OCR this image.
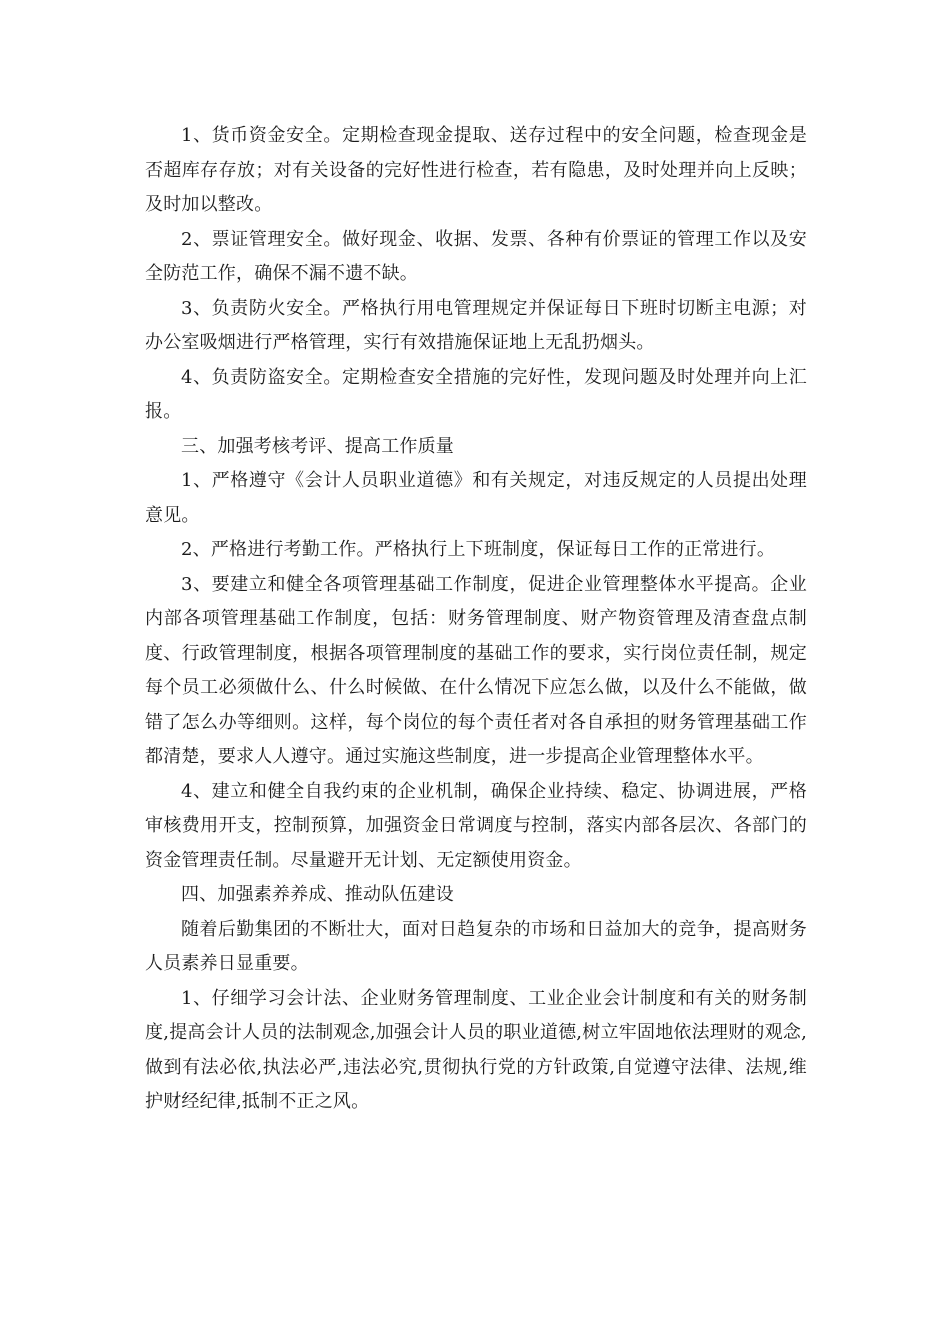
1、货币资金安全。定期检查现金提取、送存过程中的安全问题，检查现金是否超库存存放；对有关设备的完好性进行检查，若有隐患，及时处理并向上反映；及时加以整改。

2、票证管理安全。做好现金、收据、发票、各种有价票证的管理工作以及安全防范工作，确保不漏不遗不缺。

3、负责防火安全。严格执行用电管理规定并保证每日下班时切断主电源；对办公室吸烟进行严格管理，实行有效措施保证地上无乱扔烟头。

4、负责防盗安全。定期检查安全措施的完好性，发现问题及时处理并向上汇报。

三、加强考核考评、提高工作质量

1、严格遵守《会计人员职业道德》和有关规定，对违反规定的人员提出处理意见。

2、严格进行考勤工作。严格执行上下班制度，保证每日工作的正常进行。

3、要建立和健全各项管理基础工作制度，促进企业管理整体水平提高。企业内部各项管理基础工作制度，包括：财务管理制度、财产物资管理及清查盘点制度、行政管理制度，根据各项管理制度的基础工作的要求，实行岗位责任制，规定每个员工必须做什么、什么时候做、在什么情况下应怎么做，以及什么不能做，做错了怎么办等细则。这样，每个岗位的每个责任者对各自承担的财务管理基础工作都清楚，要求人人遵守。通过实施这些制度，进一步提高企业管理整体水平。

4、建立和健全自我约束的企业机制，确保企业持续、稳定、协调进展，严格审核费用开支，控制预算，加强资金日常调度与控制，落实内部各层次、各部门的资金管理责任制。尽量避开无计划、无定额使用资金。

四、加强素养养成、推动队伍建设

随着后勤集团的不断壮大，面对日趋复杂的市场和日益加大的竞争，提高财务人员素养日显重要。

1、仔细学习会计法、企业财务管理制度、工业企业会计制度和有关的财务制度,提高会计人员的法制观念,加强会计人员的职业道德,树立牢固地依法理财的观念,做到有法必依,执法必严,违法必究,贯彻执行党的方针政策,自觉遵守法律、法规,维护财经纪律,抵制不正之风。
